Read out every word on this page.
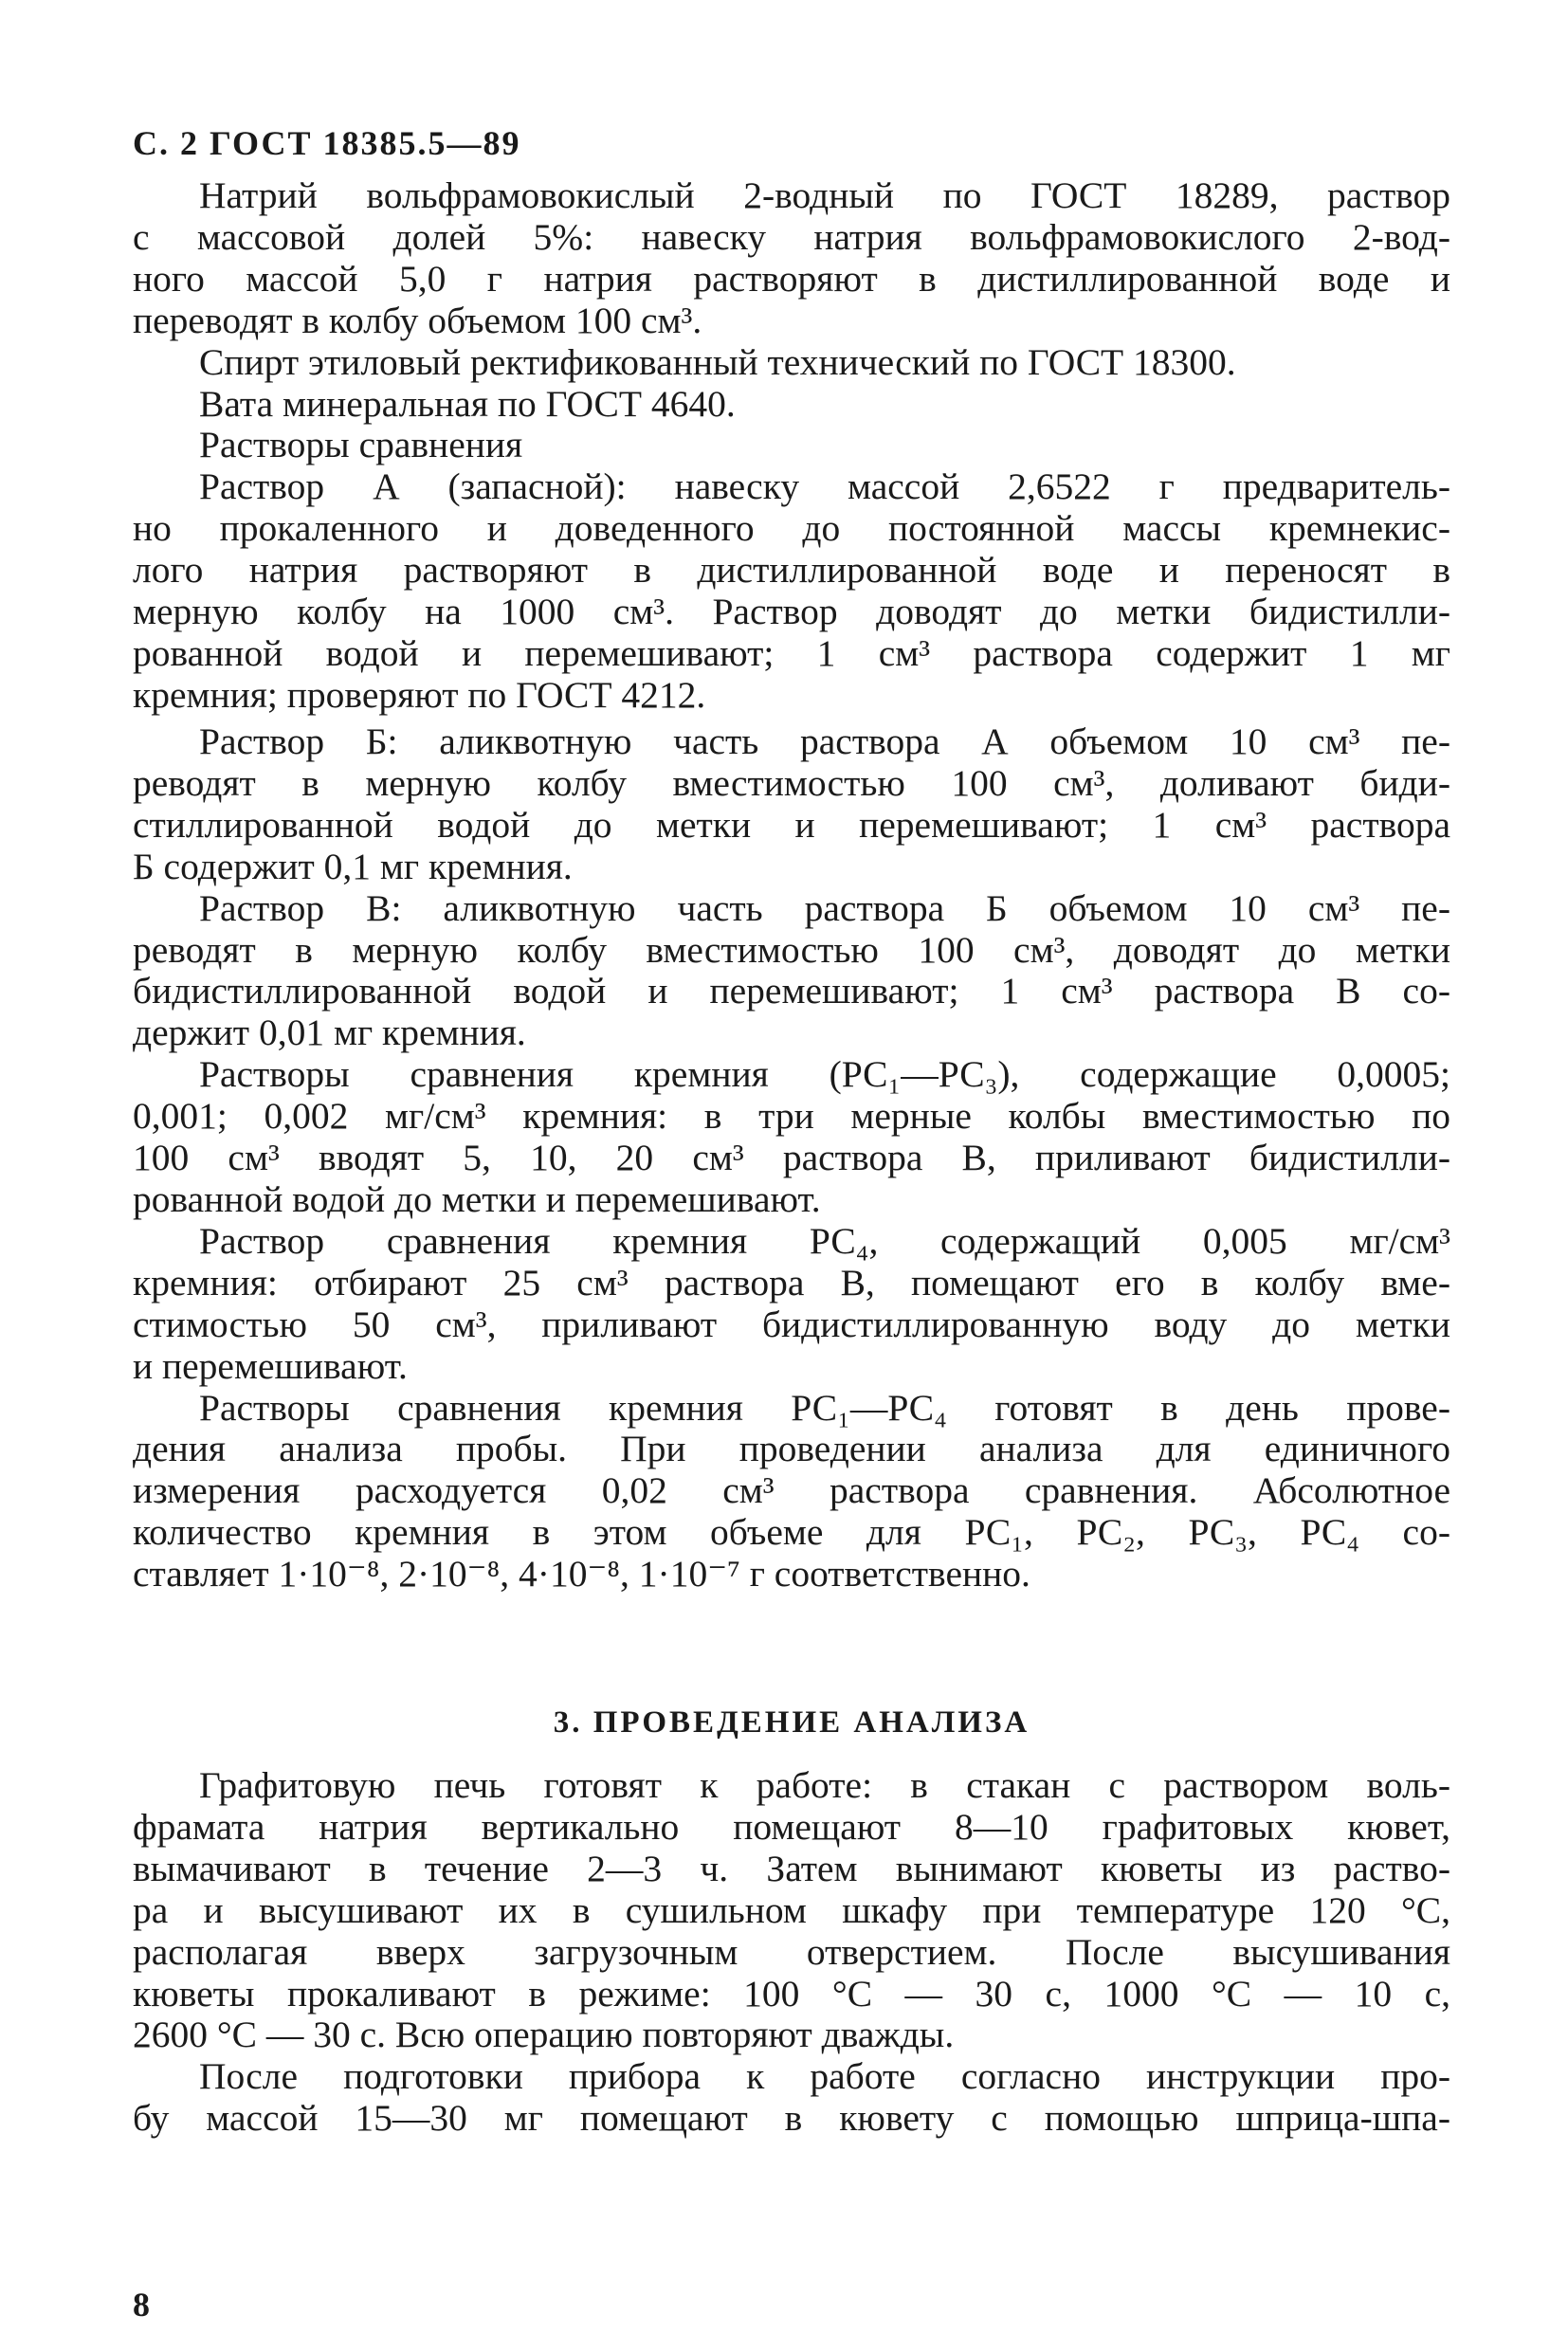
С. 2 ГОСТ 18385.5—89
Натрий вольфрамовокислый 2-водный по ГОСТ 18289, раствор
с массовой долей 5%: навеску натрия вольфрамовокислого 2-вод-
ного массой 5,0 г натрия растворяют в дистиллированной воде и
переводят в колбу объемом 100 см³.
Спирт этиловый ректификованный технический по ГОСТ 18300.
Вата минеральная по ГОСТ 4640.
Растворы сравнения
Раствор А (запасной): навеску массой 2,6522 г предваритель-
но прокаленного и доведенного до постоянной массы кремнекис-
лого натрия растворяют в дистиллированной воде и переносят в
мерную колбу на 1000 см³. Раствор доводят до метки бидистилли-
рованной водой и перемешивают; 1 см³ раствора содержит 1 мг
кремния; проверяют по ГОСТ 4212.
Раствор Б: аликвотную часть раствора А объемом 10 см³ пе-
реводят в мерную колбу вместимостью 100 см³, доливают биди-
стиллированной водой до метки и перемешивают; 1 см³ раствора
Б содержит 0,1 мг кремния.
Раствор В: аликвотную часть раствора Б объемом 10 см³ пе-
реводят в мерную колбу вместимостью 100 см³, доводят до метки
бидистиллированной водой и перемешивают; 1 см³ раствора В со-
держит 0,01 мг кремния.
Растворы сравнения кремния (РС₁—РС₃), содержащие 0,0005;
0,001; 0,002 мг/см³ кремния: в три мерные колбы вместимостью по
100 см³ вводят 5, 10, 20 см³ раствора В, приливают бидистилли-
рованной водой до метки и перемешивают.
Раствор сравнения кремния РС₄, содержащий 0,005 мг/см³
кремния: отбирают 25 см³ раствора В, помещают его в колбу вме-
стимостью 50 см³, приливают бидистиллированную воду до метки
и перемешивают.
Растворы сравнения кремния РС₁—РС₄ готовят в день прове-
дения анализа пробы. При проведении анализа для единичного
измерения расходуется 0,02 см³ раствора сравнения. Абсолютное
количество кремния в этом объеме для РС₁, РС₂, РС₃, РС₄ со-
ставляет 1·10⁻⁸, 2·10⁻⁸, 4·10⁻⁸, 1·10⁻⁷ г соответственно.
3. ПРОВЕДЕНИЕ АНАЛИЗА
Графитовую печь готовят к работе: в стакан с раствором воль-
фрамата натрия вертикально помещают 8—10 графитовых кювет,
вымачивают в течение 2—3 ч. Затем вынимают кюветы из раство-
ра и высушивают их в сушильном шкафу при температуре 120 °С,
располагая вверх загрузочным отверстием. После высушивания
кюветы прокаливают в режиме: 100 °С — 30 с, 1000 °С — 10 с,
2600 °С — 30 с. Всю операцию повторяют дважды.
После подготовки прибора к работе согласно инструкции про-
бу массой 15—30 мг помещают в кювету с помощью шприца-шпа-
8
